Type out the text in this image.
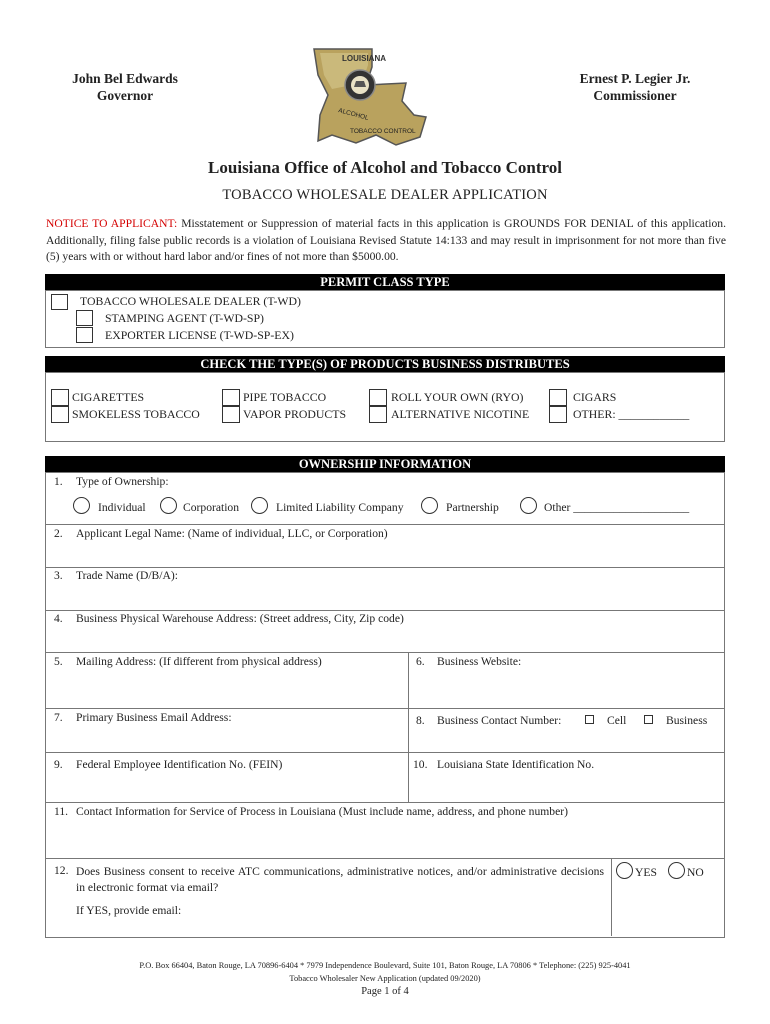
John Bel Edwards
Governor
Ernest P. Legier Jr.
Commissioner
LOUISIANA
ALCOHOL
TOBACCO CONTROL
Louisiana Office of Alcohol and Tobacco Control
TOBACCO WHOLESALE DEALER APPLICATION
NOTICE TO APPLICANT: Misstatement or Suppression of material facts in this application is GROUNDS FOR DENIAL of this application. Additionally, filing false public records is a violation of Louisiana Revised Statute 14:133 and may result in imprisonment for not more than five (5) years with or without hard labor and/or fines of not more than $5000.00.
PERMIT CLASS TYPE
TOBACCO WHOLESALE DEALER (T-WD)
STAMPING AGENT (T-WD-SP)
EXPORTER LICENSE (T-WD-SP-EX)
CHECK THE TYPE(S) OF PRODUCTS BUSINESS DISTRIBUTES
CIGARETTES
SMOKELESS TOBACCO
PIPE TOBACCO
VAPOR PRODUCTS
ROLL YOUR OWN (RYO)
ALTERNATIVE NICOTINE
CIGARS
OTHER: ____________
OWNERSHIP INFORMATION
1. Type of Ownership:
Individual	Corporation	Limited Liability Company	Partnership	Other ____________________
2. Applicant Legal Name: (Name of individual, LLC, or Corporation)
3. Trade Name (D/B/A):
4. Business Physical Warehouse Address: (Street address, City, Zip code)
5. Mailing Address: (If different from physical address)	6. Business Website:
7. Primary Business Email Address:	8. Business Contact Number:	Cell	Business
9. Federal Employee Identification No. (FEIN)	10. Louisiana State Identification No.
11. Contact Information for Service of Process in Louisiana (Must include name, address, and phone number)
12. Does Business consent to receive ATC communications, administrative notices, and/or administrative decisions in electronic format via email?
YES	NO
If YES, provide email:
P.O. Box 66404, Baton Rouge, LA 70896-6404 * 7979 Independence Boulevard, Suite 101, Baton Rouge, LA 70806 * Telephone: (225) 925-4041
Tobacco Wholesaler New Application (updated 09/2020)
Page 1 of 4
